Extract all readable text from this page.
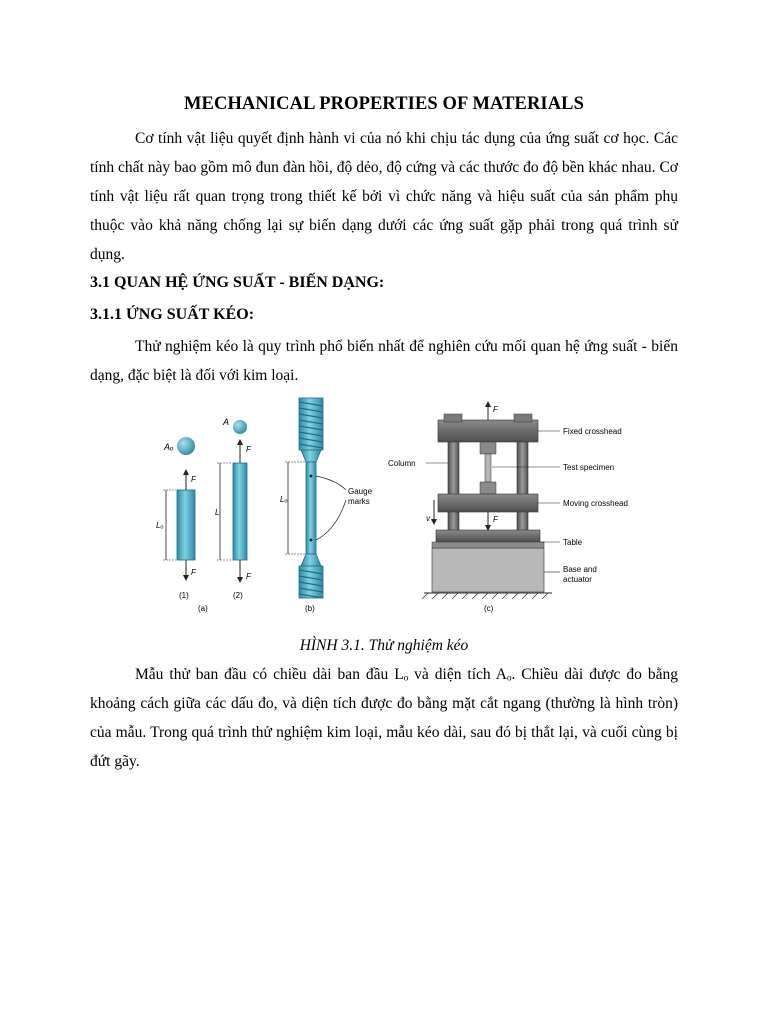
MECHANICAL PROPERTIES OF MATERIALS
Cơ tính vật liệu quyết định hành vi của nó khi chịu tác dụng của ứng suất cơ học. Các tính chất này bao gồm mô đun đàn hồi, độ dẻo, độ cứng và các thước đo độ bền khác nhau. Cơ tính vật liệu rất quan trọng trong thiết kế bởi vì chức năng và hiệu suất của sản phẩm phụ thuộc vào khả năng chống lại sự biến dạng dưới các ứng suất gặp phải trong quá trình sử dụng.
3.1 QUAN HỆ ỨNG SUẤT - BIẾN DẠNG:
3.1.1 ỨNG SUẤT KÉO:
Thử nghiệm kéo là quy trình phổ biến nhất để nghiên cứu mối quan hệ ứng suất - biến dạng, đặc biệt là đối với kim loại.
Aₒ
F
F
Lₒ
(1)
A
F
F
L
(2)
(a)
Lₒ
Gauge
marks
(b)
F
F
v
Column
Fixed crosshead
Test specimen
Moving crosshead
Table
Base and
actuator
(c)
HÌNH 3.1. Thử nghiệm kéo
Mẫu thử ban đầu có chiều dài ban đầu Lₒ và diện tích Aₒ. Chiều dài được đo bằng khoảng cách giữa các dấu đo, và diện tích được đo bằng mặt cắt ngang (thường là hình tròn) của mẫu. Trong quá trình thử nghiệm kim loại, mẫu kéo dài, sau đó bị thắt lại, và cuối cùng bị đứt gãy.
